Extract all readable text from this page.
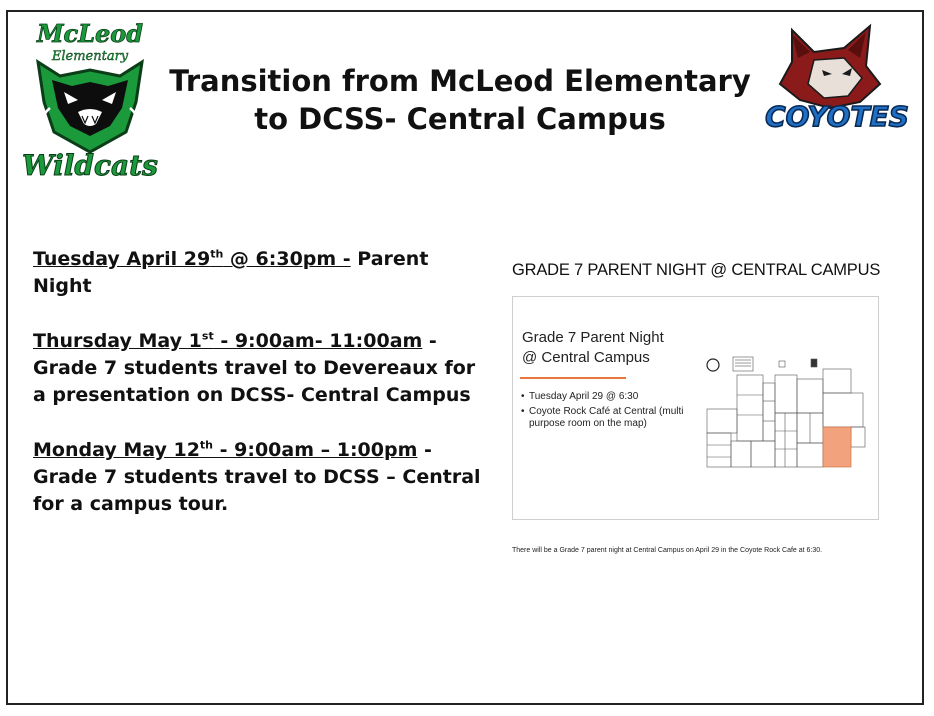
McLeod
Elementary
Wildcats
COYOTES
Transition from McLeod Elementary
to DCSS- Central Campus

Tuesday April 29th @ 6:30pm - Parent Night

Thursday May 1st - 9:00am- 11:00am - Grade 7 students travel to Devereaux for a presentation on DCSS- Central Campus

Monday May 12th - 9:00am – 1:00pm - Grade 7 students travel to DCSS – Central for a campus tour.

GRADE 7 PARENT NIGHT @ CENTRAL CAMPUS
Grade 7 Parent Night
@ Central Campus
• Tuesday April 29 @ 6:30
• Coyote Rock Café at Central (multi purpose room on the map)
There will be a Grade 7 parent night at Central Campus on April 29 in the Coyote Rock Cafe at 6:30.
